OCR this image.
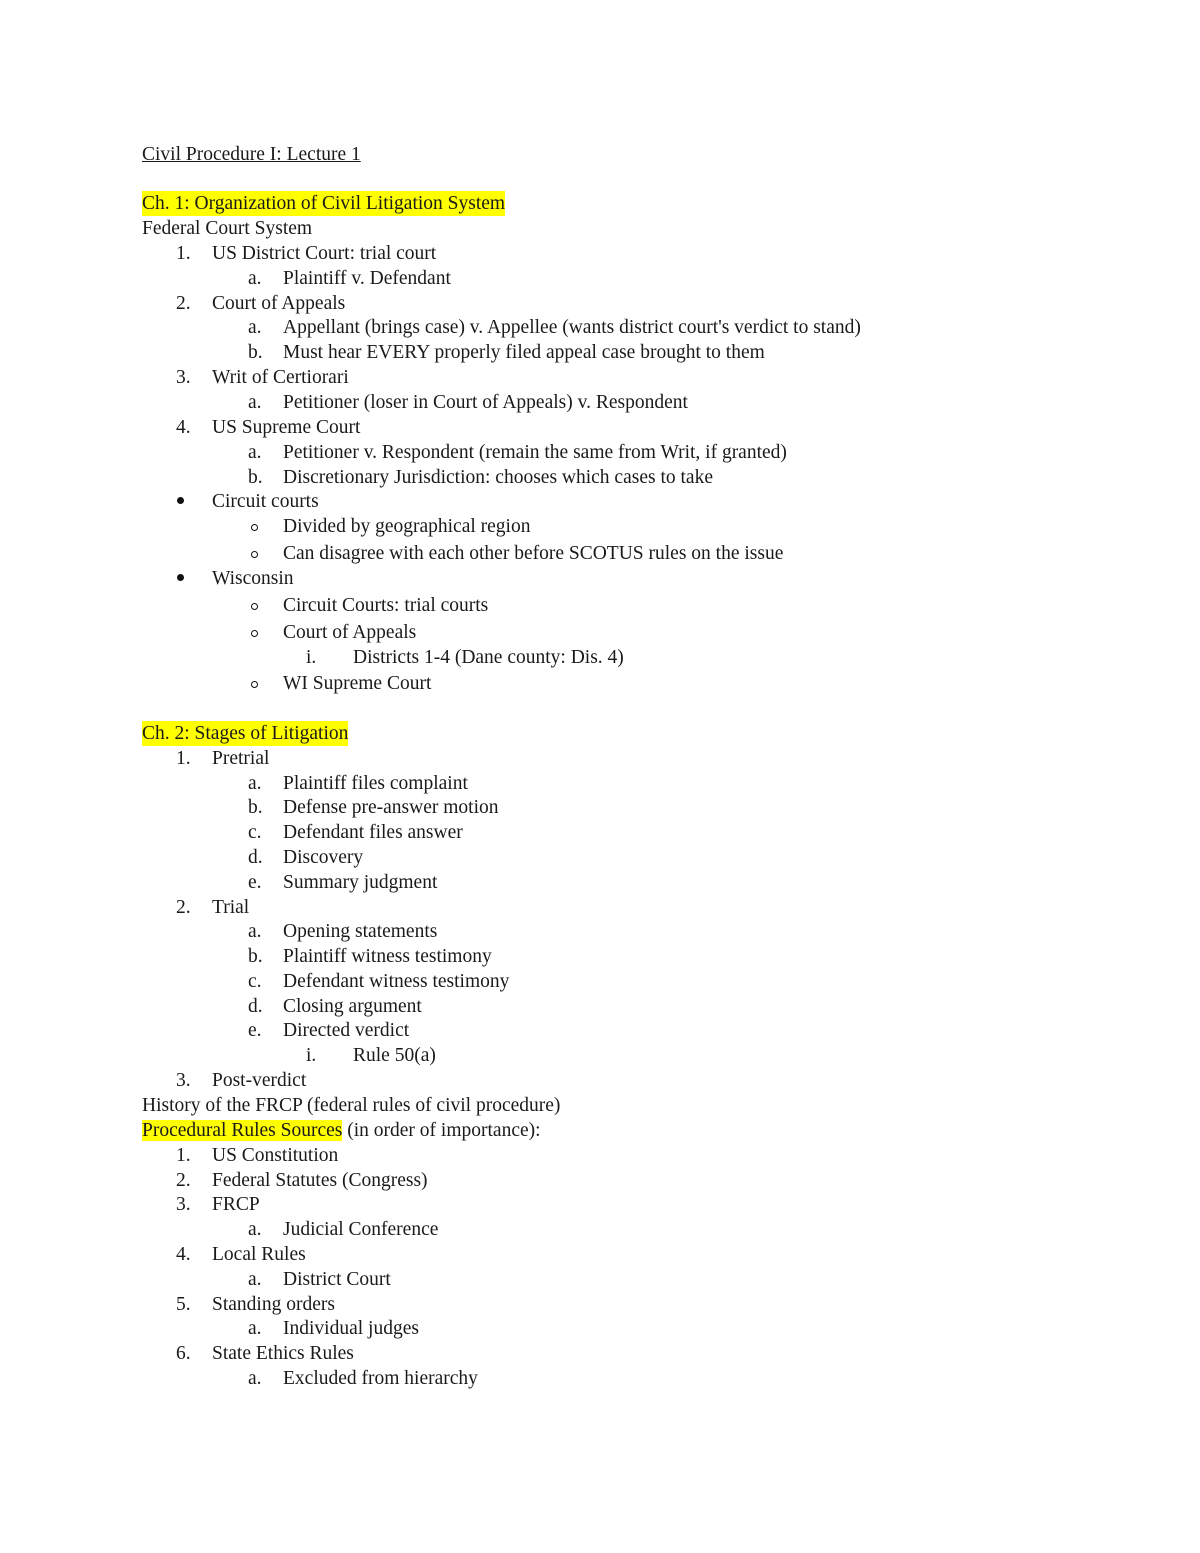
Civil Procedure I: Lecture 1
Ch. 1: Organization of Civil Litigation System
Federal Court System
1. US District Court: trial court
a. Plaintiff v. Defendant
2. Court of Appeals
a. Appellant (brings case) v. Appellee (wants district court's verdict to stand)
b. Must hear EVERY properly filed appeal case brought to them
3. Writ of Certiorari
a. Petitioner (loser in Court of Appeals) v. Respondent
4. US Supreme Court
a. Petitioner v. Respondent (remain the same from Writ, if granted)
b. Discretionary Jurisdiction: chooses which cases to take
Circuit courts
Divided by geographical region
Can disagree with each other before SCOTUS rules on the issue
Wisconsin
Circuit Courts: trial courts
Court of Appeals
i. Districts 1-4 (Dane county: Dis. 4)
WI Supreme Court
Ch. 2: Stages of Litigation
1. Pretrial
a. Plaintiff files complaint
b. Defense pre-answer motion
c. Defendant files answer
d. Discovery
e. Summary judgment
2. Trial
a. Opening statements
b. Plaintiff witness testimony
c. Defendant witness testimony
d. Closing argument
e. Directed verdict
i. Rule 50(a)
3. Post-verdict
History of the FRCP (federal rules of civil procedure)
Procedural Rules Sources (in order of importance):
1. US Constitution
2. Federal Statutes (Congress)
3. FRCP
a. Judicial Conference
4. Local Rules
a. District Court
5. Standing orders
a. Individual judges
6. State Ethics Rules
a. Excluded from hierarchy
